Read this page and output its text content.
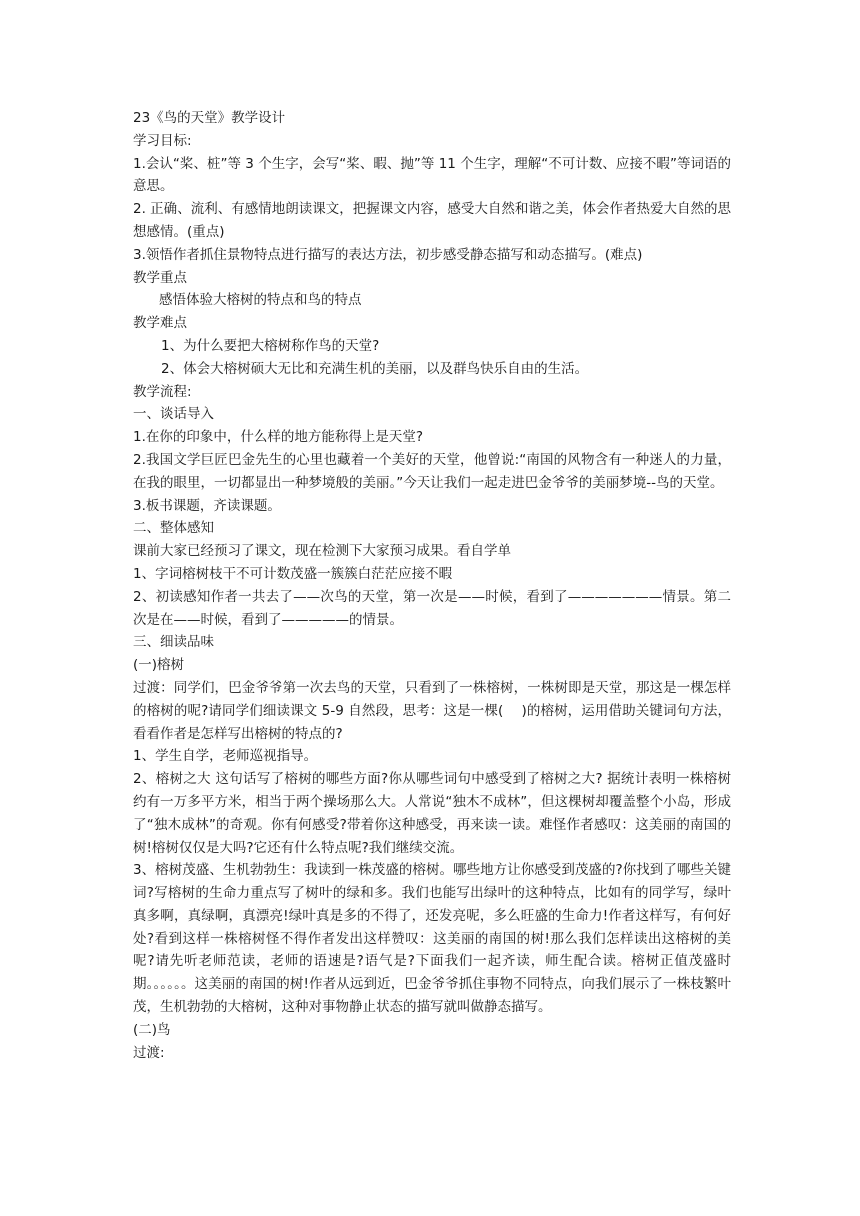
23《鸟的天堂》教学设计
学习目标:
1.会认“桨、桩”等 3 个生字，会写“桨、暇、抛”等 11 个生字，理解“不可计数、应接不暇”等词语的意思。
2. 正确、流利、有感情地朗读课文，把握课文内容，感受大自然和谐之美，体会作者热爱大自然的思想感情。(重点)
3.领悟作者抓住景物特点进行描写的表达方法，初步感受静态描写和动态描写。(难点)
教学重点
感悟体验大榕树的特点和鸟的特点
教学难点
1、为什么要把大榕树称作鸟的天堂?
2、体会大榕树硕大无比和充满生机的美丽，以及群鸟快乐自由的生活。
教学流程:
一、谈话导入
1.在你的印象中，什么样的地方能称得上是天堂?
2.我国文学巨匠巴金先生的心里也藏着一个美好的天堂，他曾说:“南国的风物含有一种迷人的力量，在我的眼里，一切都显出一种梦境般的美丽。”今天让我们一起走进巴金爷爷的美丽梦境--鸟的天堂。
3.板书课题，齐读课题。
二、整体感知
课前大家已经预习了课文，现在检测下大家预习成果。看自学单
1、字词榕树枝干不可计数茂盛一簇簇白茫茫应接不暇
2、初读感知作者一共去了——次鸟的天堂，第一次是——时候，看到了———————情景。第二次是在——时候，看到了—————的情景。
三、细读品味
(一)榕树
过渡：同学们，巴金爷爷第一次去鸟的天堂，只看到了一株榕树，一株树即是天堂，那这是一棵怎样的榕树的呢?请同学们细读课文 5-9 自然段，思考：这是一棵(　 )的榕树，运用借助关键词句方法，看看作者是怎样写出榕树的特点的?
1、学生自学，老师巡视指导。
2、榕树之大 这句话写了榕树的哪些方面?你从哪些词句中感受到了榕树之大? 据统计表明一株榕树约有一万多平方米，相当于两个操场那么大。人常说“独木不成林”，但这棵树却覆盖整个小岛，形成了“独木成林”的奇观。你有何感受?带着你这种感受，再来读一读。难怪作者感叹：这美丽的南国的树!榕树仅仅是大吗?它还有什么特点呢?我们继续交流。
3、榕树茂盛、生机勃勃生：我读到一株茂盛的榕树。哪些地方让你感受到茂盛的?你找到了哪些关键词?写榕树的生命力重点写了树叶的绿和多。我们也能写出绿叶的这种特点，比如有的同学写，绿叶真多啊，真绿啊，真漂亮!绿叶真是多的不得了，还发亮呢，多么旺盛的生命力!作者这样写，有何好处?看到这样一株榕树怪不得作者发出这样赞叹：这美丽的南国的树!那么我们怎样读出这榕树的美呢?请先听老师范读，老师的语速是?语气是?下面我们一起齐读，师生配合读。榕树正值茂盛时期。。。。。。这美丽的南国的树!作者从远到近，巴金爷爷抓住事物不同特点，向我们展示了一株枝繁叶茂，生机勃勃的大榕树，这种对事物静止状态的描写就叫做静态描写。
(二)鸟
过渡:
